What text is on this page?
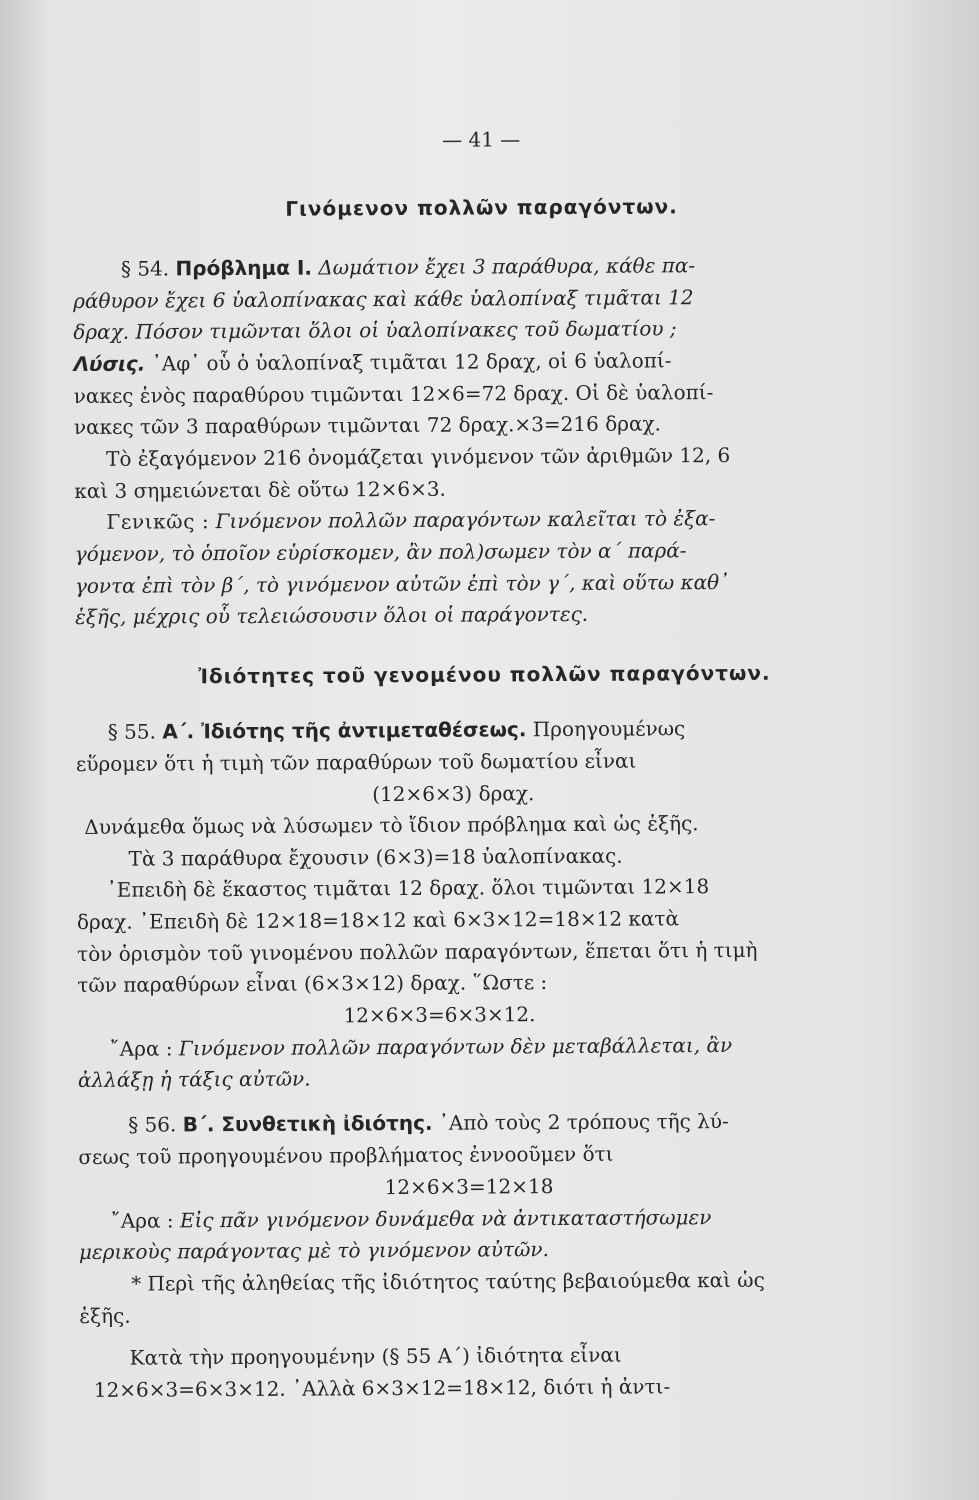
— 41 —
Γινόμενον πολλῶν παραγόντων.
§ 54. Πρόβλημα Ι. Δωμάτιον ἔχει 3 παράθυρα, κάθε πα-
ράθυρον ἔχει 6 ὑαλοπίνακας καὶ κάθε ὑαλοπίναξ τιμᾶται 12
δραχ. Πόσον τιμῶνται ὅλοι οἱ ὑαλοπίνακες τοῦ δωματίου ;
Λύσις. ᾿Αφ᾿ οὗ ὁ ὑαλοπίναξ τιμᾶται 12 δραχ, οἱ 6 ὑαλοπί-
νακες ἑνὸς παραθύρου τιμῶνται 12×6=72 δραχ. Οἱ δὲ ὑαλοπί-
νακες τῶν 3 παραθύρων τιμῶνται 72 δραχ.×3=216 δραχ.
Τὸ ἐξαγόμενον 216 ὀνομάζεται γινόμενον τῶν ἀριθμῶν 12, 6
καὶ 3 σημειώνεται δὲ οὕτω 12×6×3.
Γενικῶς : Γινόμενον πολλῶν παραγόντων καλεῖται τὸ ἐξα-
γόμενον, τὸ ὁποῖον εὑρίσκομεν, ἂν πολ)σωμεν τὸν α΄ παρά-
γοντα ἐπὶ τὸν β΄, τὸ γινόμενον αὐτῶν ἐπὶ τὸν γ΄, καὶ οὕτω καθ᾿
ἑξῆς, μέχρις οὗ τελειώσουσιν ὅλοι οἱ παράγοντες.
Ἰδιότητες τοῦ γενομένου πολλῶν παραγόντων.
§ 55. Α΄. Ἰδιότης τῆς ἀντιμεταθέσεως. Προηγουμένως
εὕρομεν ὅτι ἡ τιμὴ τῶν παραθύρων τοῦ δωματίου εἶναι
(12×6×3) δραχ.
Δυνάμεθα ὅμως νὰ λύσωμεν τὸ ἴδιον πρόβλημα καὶ ὡς ἑξῆς.
Τὰ 3 παράθυρα ἔχουσιν (6×3)=18 ὑαλοπίνακας.
᾿Επειδὴ δὲ ἕκαστος τιμᾶται 12 δραχ. ὅλοι τιμῶνται 12×18
δραχ. ᾿Επειδὴ δὲ 12×18=18×12 καὶ 6×3×12=18×12 κατὰ
τὸν ὁρισμὸν τοῦ γινομένου πολλῶν παραγόντων, ἕπεται ὅτι ἡ τιμὴ
τῶν παραθύρων εἶναι (6×3×12) δραχ. ῞Ωστε :
12×6×3=6×3×12.
῎Αρα : Γινόμενον πολλῶν παραγόντων δὲν μεταβάλλεται, ἂν
ἀλλάξῃ ἡ τάξις αὐτῶν.
§ 56. Β΄. Συνθετικὴ ἰδιότης. ᾿Απὸ τοὺς 2 τρόπους τῆς λύ-
σεως τοῦ προηγουμένου προβλήματος ἐννοοῦμεν ὅτι
12×6×3=12×18
῎Αρα : Εἰς πᾶν γινόμενον δυνάμεθα νὰ ἀντικαταστήσωμεν
μερικοὺς παράγοντας μὲ τὸ γινόμενον αὐτῶν.
* Περὶ τῆς ἀληθείας τῆς ἰδιότητος ταύτης βεβαιούμεθα καὶ ὡς
ἑξῆς.
Κατὰ τὴν προηγουμένην (§ 55 Α΄) ἰδιότητα εἶναι
12×6×3=6×3×12. ᾿Αλλὰ 6×3×12=18×12, διότι ἡ ἀντι-
